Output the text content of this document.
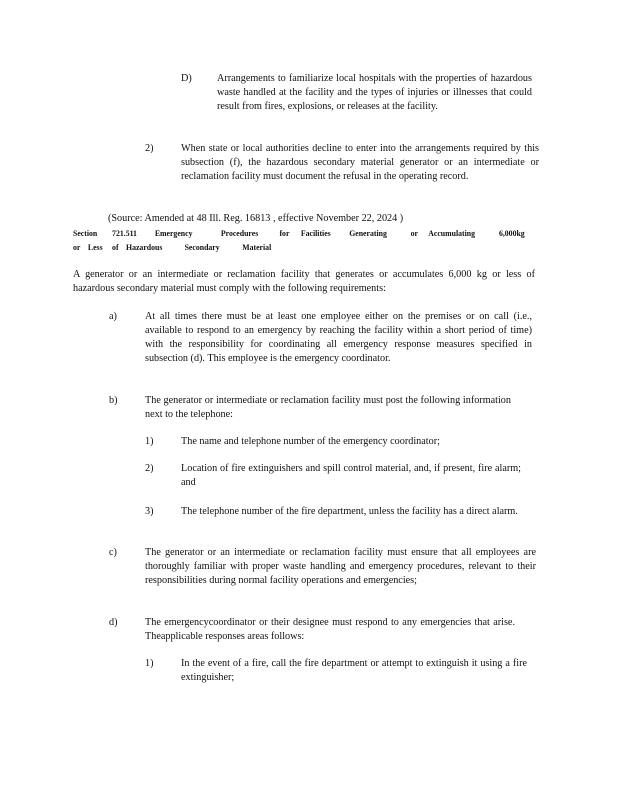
D) Arrangements to familiarize local hospitals with the properties of hazardous waste handled at the facility and the types of injuries or illnesses that could result from fires, explosions, or releases at the facility.
2)	When state or local authorities decline to enter into the arrangements required by this subsection (f), the hazardous secondary material generator or an intermediate or reclamation facility must document the refusal in the operating record.
(Source: Amended at 48 Ill. Reg. 16813 , effective November 22, 2024 )
Section 721.511 Emergency	Procedures	for Facilities Generating	or Accumulating	6,000kg
or Less of Hazardous	Secondary	Material
A generator or an intermediate or reclamation facility that generates or accumulates 6,000 kg or less of hazardous secondary material must comply with the following requirements:
a)	At all times there must be at least one employee either on the premises or on call (i.e., available to respond to an emergency by reaching the facility within a short period of time) with the responsibility for coordinating all emergency response measures specified in subsection (d). This employee is the emergency coordinator.
b)	The generator or intermediate or reclamation facility must post the following information next to the telephone:
1)	The name and telephone number of the emergency coordinator;
2)	Location of fire extinguishers and spill control material, and, if present, fire alarm; and
3)	The telephone number of the fire department, unless the facility has a direct alarm.
c)	The generator or an intermediate or reclamation facility must ensure that all employees are thoroughly familiar with proper waste handling and emergency procedures, relevant to their responsibilities during normal facility operations and emergencies;
d)	The emergencycoordinator or their designee must respond to any emergencies that arise. Theapplicable responses areas follows:
1)	In the event of a fire, call the fire department or attempt to extinguish it using a fire extinguisher;
